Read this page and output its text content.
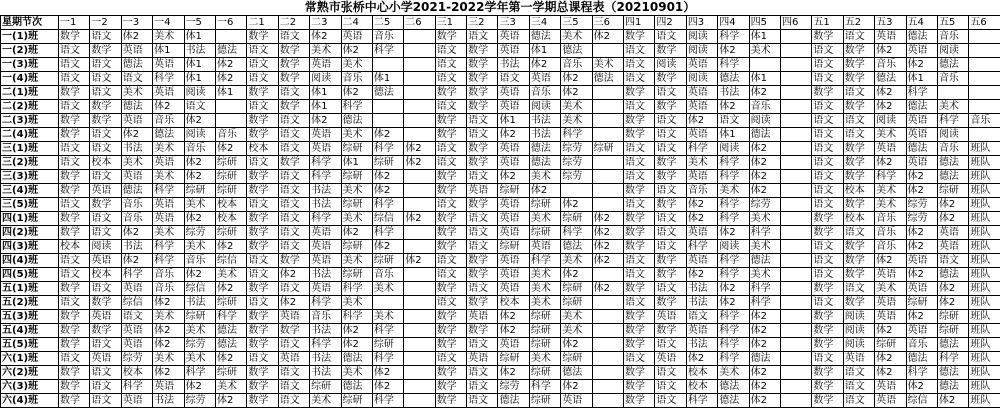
常熟市张桥中心小学2021-2022学年第一学期总课程表（20210901）
星期节次	一1	一2	一3	一4	一5	一6	二1	二2	二3	二4	二5	二6	三1	三2	三3	三4	三5	三6	四1	四2	四3	四4	四5	四6	五1	五2	五3	五4	五5	五6
一(1)班	数学	语文	体2	美术	体1		数学	语文	体2	英语	音乐		数学	语文	英语	德法	美术	体2	数学	语文	阅读	科学	体1		数学	语文	英语	德法	音乐	
一(2)班	语文	数学	英语	体1	书法	德法	语文	数学	美术	体2	科学		语文	数学	英语	体1	德法		语文	数学	阅读	体2	美术		语文	数学	体2	英语	阅读	
一(3)班	语文	语文	德法	英语	体1	体2	语文	数学	英语	美术			语文	数学	书法	体2	音乐	美术	语文	阅读	英语	科学			语文	数学	音乐	体2	德法	
一(4)班	语文	语文	语文	科学	体1	体2	语文	数学	阅读	音乐	体1		语文	数学	语文	英语	体2	德法	语文	数学	阅读	德法	体1		语文	数学	德法	体1	音乐	
二(1)班	数学	语文	美术	英语	阅读	体1	数学	语文	体1	体2	德法		数学	数学	英语	音乐	体2		数学	语文	英语	书法	体2		数学	语文	体2	科学		
二(2)班	语文	数学	德法	体2	语文		语文	数学	体1	科学			语文	数学	英语	阅读	美术		语文	数学	英语	体2	音乐		语文	数学	体2	德法	美术	
二(3)班	数学	数学	英语	音乐	体2		数学	语文	体2	德法			数学	语文	体1	书法	美术		数学	语文	体2	语文	阅读		语文	语文	阅读	英语	科学	音乐
二(4)班	数学	语文	体2	德法	阅读	音乐	数学	语文	英语	美术	体2		数学	语文	体2	书法	科学		数学	语文	英语	体1	德法		语文	语文	美术	英语	阅读	
三(1)班	语文	语文	书法	美术	音乐	体2	校本	语文	英语	综研	科学	体2	语文	数学	英语	德法	综劳	综研	语文	语文	科学	阅读	体2		语文	数学	英语	德法	音乐	班队
三(2)班	语文	校本	美术	英语	体2	综研	语文	数学	科学	体1	综研	体2	语文	数学	英语	德法	综劳		语文	数学	美术	科学	体2		语文	数学	体2	英语	德法	班队
三(3)班	数学	语文	英语	美术	体2	综研	数学	语文	科学	综研	体2		数学	语文	体2	美术	综劳		语文	数学	英语	科学	体2		语文	数学	科学	体2	德法	班队
三(4)班	数学	英语	德法	科学	综研	综研	数学	语文	书法	美术	体2		数学	英语	综研	体2			数学	语文	音乐	美术	体2		语文	校本	美术	体2	综研	班队
三(5)班	语文	数学	音乐	英语	美术	校本	语文	语文	书法	综研	科学		语文	数学	英语	综研	体2		语文	数学	体2	科学	综劳		语文	数学	美术	综劳	体2	班队
四(1)班	数学	语文	音乐	英语	体2	校本	数学	语文	科学	美术	综信	体2	数学	语文	英语	美术	综研	体2	数学	语文	体2	科学	美术		数学	校本	音乐	综劳	体2	班队
四(2)班	数学	语文	体2	美术	综劳	综研	数学	语文	英语	体2	科学		数学	语文	英语	综研	科学	体2	数学	语文	英语	体2	科学		数学	语文	音乐	体2	英语	班队
四(3)班	校本	阅读	书法	科学	美术	体2	数学	语文	英语	综研	体2		数学	语文	综研	英语	德法	体2	数学	语文	科学	阅读	美术		语文	数学	音乐	体2	英语	班队
四(4)班	语文	英语	体2	科学	音乐	综信	语文	数学	英语	美术	综研	体2	语文	数学	英语	科学	美术	体2	语文	数学	英语	科学	德法		语文	数学	体2	英语	语文	班队
四(5)班	语文	校本	科学	音乐	体2	美术	语文	体2	书法	综研	音乐		语文	数学	英语	美术	体2		语文	数学	体2	科学	美术		语文	数学	英语	体2	德法	班队
五(1)班	数学	语文	英语	音乐	综信	体2	数学	语文	英语	科学	美术		数学	语文	英语	美术	综研	体2	数学	语文	书法	体2	科学		数学	语文	美术	英语	体2	班队
五(2)班	语文	数学	综信	体2	书法	综研	语文	体2	科学	美术			语文	数学	校本	美术	综研		语文	数学	书法	体2	科学		语文	数学	英语	综研	体2	班队
五(3)班	数学	英语	语文	美术	综研	科学	数学	英语	音乐	科学	美术		数学	英语	体2	综研	美术		数学	英语	语文	科学	体2		数学	阅读	英语	体2	综研	班队
五(4)班	数学	数学	英语	体2	美术	德法	数学	数学	书法	体2	科学		数学	数学	体2	综研	美术		数学	数学	英语	科学	体2		数学	阅读	体2	英语	综研	班队
五(5)班	数学	语文	英语	体2	综劳	德法	数学	语文	科学	体2	综研		数学	语文	英语	综研	体2		数学	语文	书法	科学	体2		数学	阅读	综研	音乐	德法	班队
六(1)班	语文	英语	综劳	美术	美术	体2	语文	英语	书法	德法	科学		语文	英语	综研	美术	综研		语文	英语	体2	科学	德法		语文	英语	体2	德法	科学	班队
六(2)班	数学	语文	校本	体2	科学	综研	数学	语文	书法	美术	体2		数学	语文	体2	综研	德法		数学	语文	校本	美术	体2		数学	语文	体2	科学	德法	班队
六(3)班	数学	语文	科学	英语	体2	美术	数学	语文	综研	德法	体2		数学	语文	综劳	科学	体2		数学	语文	校本	德法	体2		数学	语文	英语	体2	德法	班队
六(4)班	数学	语文	英语	书法	综劳	体2	数学	语文	美术	综研	科学		数学	语文	德法	综研	英语		数学	语文	科学	德法	体2		数学	语文	英语	综信	体2	班队
